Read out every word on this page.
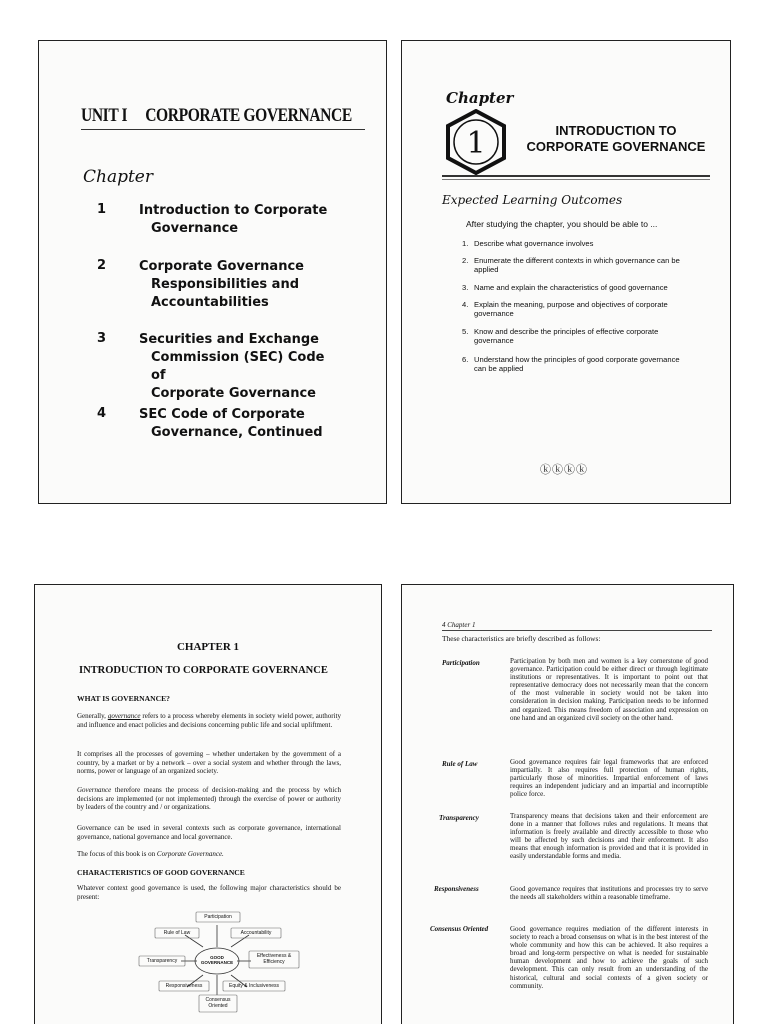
UNIT I CORPORATE GOVERNANCE
Chapter
1	Introduction to Corporate
Governance
2	Corporate Governance
Responsibilities and
Accountabilities
3	Securities and Exchange
Commission (SEC) Code of
Corporate Governance
4	SEC Code of Corporate
Governance, Continued
Chapter
1	INTRODUCTION TO
CORPORATE GOVERNANCE
Expected Learning Outcomes
After studying the chapter, you should be able to ...
1. Describe what governance involves
2. Enumerate the different contexts in which governance can be
applied
3. Name and explain the characteristics of good governance
4. Explain the meaning, purpose and objectives of corporate
governance
5. Know and describe the principles of effective corporate
governance
6. Understand how the principles of good corporate governance
can be applied
ⓚⓚⓚⓚ
CHAPTER 1
INTRODUCTION TO CORPORATE GOVERNANCE
WHAT IS GOVERNANCE?
Generally, governance refers to a process whereby elements in society wield power, authority and influence and enact policies and decisions concerning public life and social upliftment.
It comprises all the processes of governing – whether undertaken by the government of a country, by a market or by a network – over a social system and whether through the laws, norms, power or language of an organized society.
Governance therefore means the process of decision-making and the process by which decisions are implemented (or not implemented) through the exercise of power or authority by leaders of the country and / or organizations.
Governance can be used in several contexts such as corporate governance, international governance, national governance and local governance.
The focus of this book is on Corporate Governance.
CHARACTERISTICS OF GOOD GOVERNANCE
Whatever context good governance is used, the following major characteristics should be present:
Participation
Rule of Law	Accountability
GOOD
GOVERNANCE
Transparency
Effectiveness &
Efficiency
Responsiveness	Equity & Inclusiveness
Consensus
Oriented
4 Chapter 1
These characteristics are briefly described as follows:
Participation	Participation by both men and women is a key cornerstone of good governance. Participation could be either direct or through legitimate institutions or representatives. It is important to point out that representative democracy does not necessarily mean that the concern of the most vulnerable in society would not be taken into consideration in decision making. Participation needs to be informed and organized. This means freedom of association and expression on one hand and an organized civil society on the other hand.
Rule of Law	Good governance requires fair legal frameworks that are enforced impartially. It also requires full protection of human rights, particularly those of minorities. Impartial enforcement of laws requires an independent judiciary and an impartial and incorruptible police force.
Transparency	Transparency means that decisions taken and their enforcement are done in a manner that follows rules and regulations. It means that information is freely available and directly accessible to those who will be affected by such decisions and their enforcement. It also means that enough information is provided and that it is provided in easily understandable forms and media.
Responsiveness	Good governance requires that institutions and processes try to serve the needs all stakeholders within a reasonable timeframe.
Consensus Oriented	Good governance requires mediation of the different interests in society to reach a broad consensus on what is in the best interest of the whole community and how this can be achieved. It also requires a broad and long-term perspective on what is needed for sustainable human development and how to achieve the goals of such development. This can only result from an understanding of the historical, cultural and social contexts of a given society or community.
